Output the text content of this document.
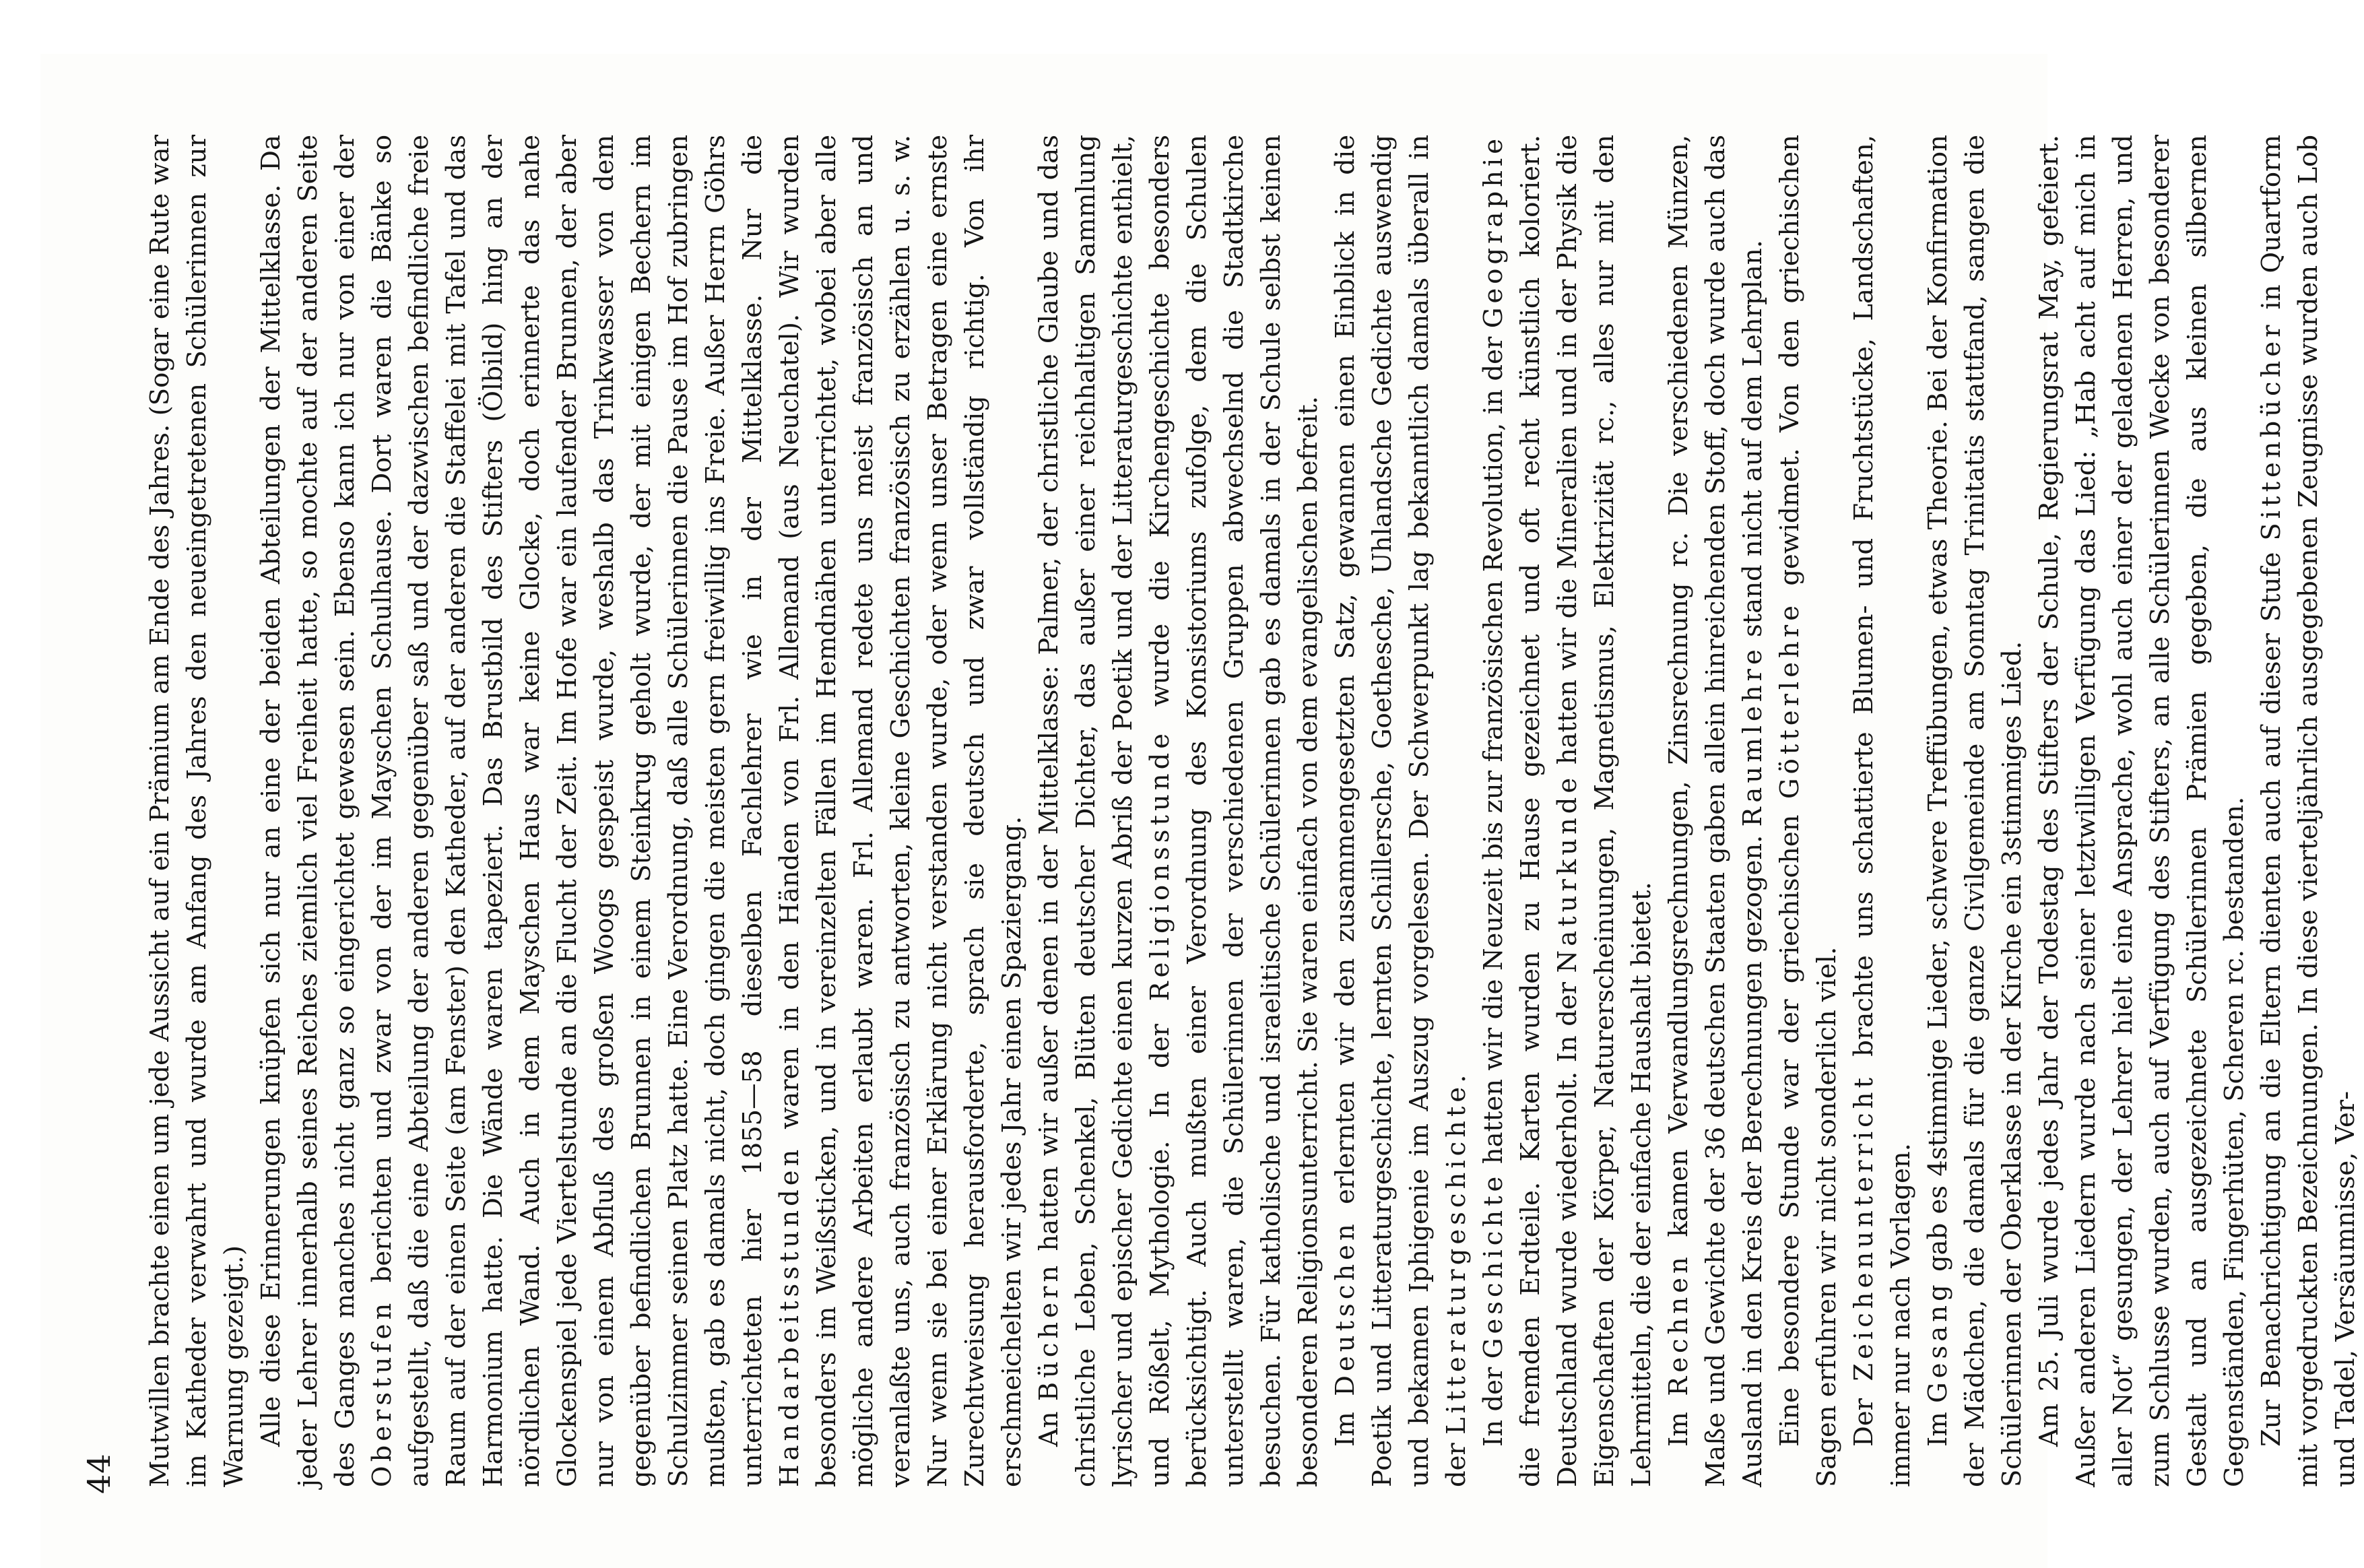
44 Mutwillen brachte einen um jede Aussicht auf ein Prämium am Ende des Jahres. (Sogar eine Rute war im Katheder verwahrt und wurde am Anfang des Jahres den neueingetretenen Schülerinnen zur Warnung gezeigt.) Alle diese Erinnerungen knüpfen sich nur an eine der beiden Abteilungen der Mittelklasse. Da jeder Lehrer innerhalb seines Reiches ziemlich viel Freiheit hatte, so mochte auf der anderen Seite des Ganges manches nicht ganz so eingerichtet gewesen sein. Ebenso kann ich nur von einer der Oberstufen berichten und zwar von der im Mayschen Schulhause. Dort waren die Bänke so aufgestellt, daß die eine Abteilung der anderen gegenüber saß und der dazwischen befindliche freie Raum auf der einen Seite (am Fenster) den Katheder, auf der anderen die Staffelei mit Tafel und das Harmonium hatte. Die Wände waren tapeziert. Das Brustbild des Stifters (Ölbild) hing an der nördlichen Wand. Auch in dem Mayschen Haus war keine Glocke, doch erinnerte das nahe Glockenspiel jede Viertelstunde an die Flucht der Zeit. Im Hofe war ein laufender Brunnen, der aber nur von einem Abfluß des großen Woogs gespeist wurde, weshalb das Trinkwasser von dem gegenüber befindlichen Brunnen in einem Steinkrug geholt wurde, der mit einigen Bechern im Schulzimmer seinen Platz hatte. Eine Verordnung, daß alle Schülerinnen die Pause im Hof zubringen mußten, gab es damals nicht, doch gingen die meisten gern freiwillig ins Freie. Außer Herrn Göhrs unterrichteten hier 1855—58 dieselben Fachlehrer wie in der Mittelklasse. Nur die Handarbeitsstunden waren in den Händen von Frl. Allemand (aus Neuchatel). Wir wurden besonders im Weißsticken, und in vereinzelten Fällen im Hemdnähen unterrichtet, wobei aber alle mögliche andere Arbeiten erlaubt waren. Frl. Allemand redete uns meist französisch an und veranlaßte uns, auch französisch zu antworten, kleine Geschichten französisch zu erzählen u. s. w. Nur wenn sie bei einer Erklärung nicht verstanden wurde, oder wenn unser Betragen eine ernste Zurechtweisung herausforderte, sprach sie deutsch und zwar vollständig richtig. Von ihr erschmeichelten wir jedes Jahr einen Spaziergang. An Büchern hatten wir außer denen in der Mittelklasse: Palmer, der christliche Glaube und das christliche Leben, Schenkel, Blüten deutscher Dichter, das außer einer reichhaltigen Sammlung lyrischer und epischer Gedichte einen kurzen Abriß der Poetik und der Litteraturgeschichte enthielt, und Rößelt, Mythologie. In der Religionsstunde wurde die Kirchengeschichte besonders berücksichtigt. Auch mußten einer Verordnung des Konsistoriums zufolge, dem die Schulen unterstellt waren, die Schülerinnen der verschiedenen Gruppen abwechselnd die Stadtkirche besuchen. Für katholische und israelitische Schülerinnen gab es damals in der Schule selbst keinen besonderen Religionsunterricht. Sie waren einfach von dem evangelischen befreit. Im Deutschen erlernten wir den zusammengesetzten Satz, gewannen einen Einblick in die Poetik und Litteraturgeschichte, lernten Schillersche, Goethesche, Uhlandsche Gedichte auswendig und bekamen Iphigenie im Auszug vorgelesen. Der Schwerpunkt lag bekanntlich damals überall in der Litteraturgeschichte.

In der Geschichte hatten wir die Neuzeit bis zur französischen Revolution, in der Geographie die fremden Erdteile. Karten wurden zu Hause gezeichnet und oft recht künstlich koloriert. Deutschland wurde wiederholt. In der Naturkunde hatten wir die Mineralien und in der Physik die Eigenschaften der Körper, Naturerscheinungen, Magnetismus, Elektrizität rc., alles nur mit den Lehrmitteln, die der einfache Haushalt bietet. Im Rechnen kamen Verwandlungsrechnungen, Zinsrechnung rc. Die verschiedenen Münzen, Maße und Gewichte der 36 deutschen Staaten gaben allein hinreichenden Stoff, doch wurde auch das Ausland in den Kreis der Berechnungen gezogen. Raumlehre stand nicht auf dem Lehrplan.

Eine besondere Stunde war der griechischen Götterlehre gewidmet. Von den griechischen Sagen erfuhren wir nicht sonderlich viel. Der Zeichenunterricht brachte uns schattierte Blumen- und Fruchtstücke, Landschaften, immer nur nach Vorlagen. Im Gesang gab es 4stimmige Lieder, schwere Treffübungen, etwas Theorie. Bei der Konfirmation der Mädchen, die damals für die ganze Civilgemeinde am Sonntag Trinitatis stattfand, sangen die Schülerinnen der Oberklasse in der Kirche ein 3stimmiges Lied. Am 25. Juli wurde jedes Jahr der Todestag des Stifters der Schule, Regierungsrat May, gefeiert. Außer anderen Liedern wurde nach seiner letztwilligen Verfügung das Lied: „Hab acht auf mich in aller Not“ gesungen, der Lehrer hielt eine Ansprache, wohl auch einer der geladenen Herren, und zum Schlusse wurden, auch auf Verfügung des Stifters, an alle Schülerinnen Wecke von besonderer Gestalt und an ausgezeichnete Schülerinnen Prämien gegeben, die aus kleinen silbernen Gegenständen, Fingerhüten, Scheren rc. bestanden. Zur Benachrichtigung an die Eltern dienten auch auf dieser Stufe Sittenbücher in Quartform mit vorgedruckten Bezeichnungen. In diese vierteljährlich ausgegebenen Zeugnisse wurden auch Lob und Tadel, Versäumnisse, Ver-
